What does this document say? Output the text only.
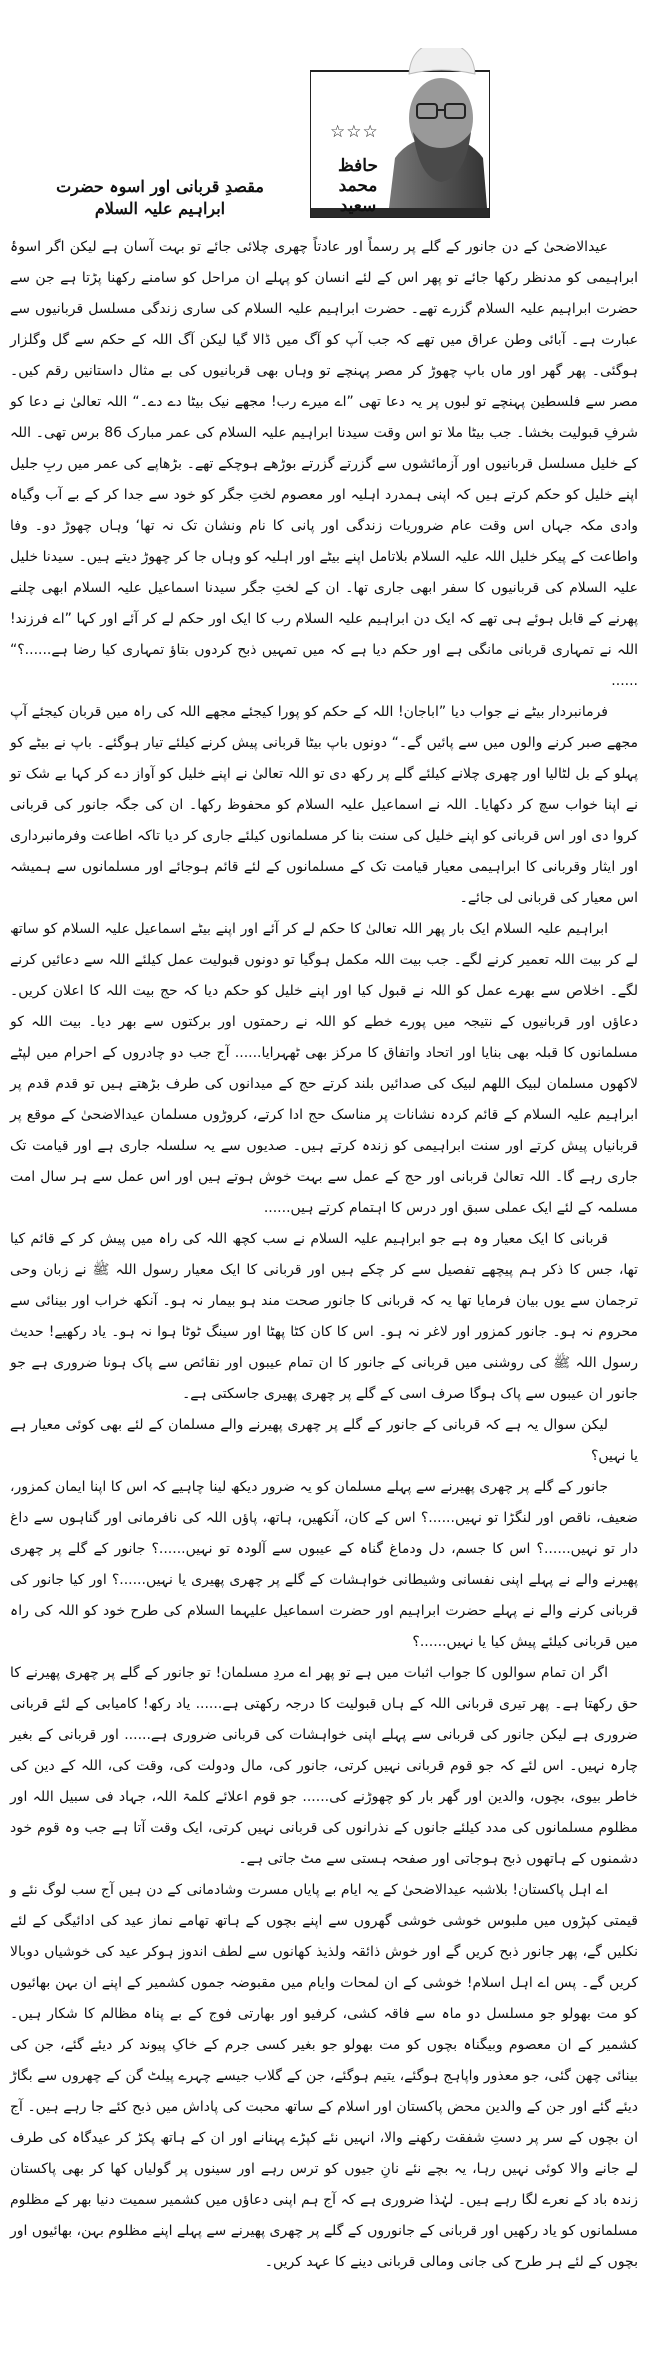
☆☆☆
حافظ محمد سعید
مقصدِ قربانی اور اسوہ حضرت ابراہیم علیہ السلام

عیدالاضحیٰ کے دن جانور کے گلے پر رسماً اور عادتاً چھری چلائی جائے تو بہت آسان ہے لیکن اگر اسوۂ ابراہیمی کو مدنظر رکھا جائے تو پھر اس کے لئے انسان کو پہلے ان مراحل کو سامنے رکھنا پڑتا ہے جن سے حضرت ابراہیم علیہ السلام گزرے تھے۔ حضرت ابراہیم علیہ السلام کی ساری زندگی مسلسل قربانیوں سے عبارت ہے۔ آبائی وطن عراق میں تھے کہ جب آپ کو آگ میں ڈالا گیا لیکن آگ اللہ کے حکم سے گل وگلزار ہوگئی۔ پھر گھر اور ماں باپ چھوڑ کر مصر پہنچے تو وہاں بھی قربانیوں کی بے مثال داستانیں رقم کیں۔ مصر سے فلسطین پہنچے تو لبوں پر یہ دعا تھی ”اے میرے رب! مجھے نیک بیٹا دے دے۔“ اللہ تعالیٰ نے دعا کو شرفِ قبولیت بخشا۔ جب بیٹا ملا تو اس وقت سیدنا ابراہیم علیہ السلام کی عمر مبارک 86 برس تھی۔ اللہ کے خلیل مسلسل قربانیوں اور آزمائشوں سے گزرتے گزرتے بوڑھے ہوچکے تھے۔ بڑھاپے کی عمر میں ربِ جلیل اپنے خلیل کو حکم کرتے ہیں کہ اپنی ہمدرد اہلیہ اور معصوم لختِ جگر کو خود سے جدا کر کے بے آب وگیاہ وادی مکہ جہاں اس وقت عام ضروریات زندگی اور پانی کا نام ونشان تک نہ تھا‘ وہاں چھوڑ دو۔ وفا واطاعت کے پیکر خلیل اللہ علیہ السلام بلاتامل اپنے بیٹے اور اہلیہ کو وہاں جا کر چھوڑ دیتے ہیں۔ سیدنا خلیل علیہ السلام کی قربانیوں کا سفر ابھی جاری تھا۔ ان کے لختِ جگر سیدنا اسماعیل علیہ السلام ابھی چلنے پھرنے کے قابل ہوئے ہی تھے کہ ایک دن ابراہیم علیہ السلام رب کا ایک اور حکم لے کر آئے اور کہا ”اے فرزند! اللہ نے تمہاری قربانی مانگی ہے اور حکم دیا ہے کہ میں تمہیں ذبح کردوں بتاؤ تمہاری کیا رضا ہے......؟“ ......

فرمانبردار بیٹے نے جواب دیا ”اباجان! اللہ کے حکم کو پورا کیجئے مجھے اللہ کی راہ میں قربان کیجئے آپ مجھے صبر کرنے والوں میں سے پائیں گے۔“ دونوں باپ بیٹا قربانی پیش کرنے کیلئے تیار ہوگئے۔ باپ نے بیٹے کو پہلو کے بل لٹالیا اور چھری چلانے کیلئے گلے پر رکھ دی تو اللہ تعالیٰ نے اپنے خلیل کو آواز دے کر کہا بے شک تو نے اپنا خواب سچ کر دکھایا۔ اللہ نے اسماعیل علیہ السلام کو محفوظ رکھا۔ ان کی جگہ جانور کی قربانی کروا دی اور اس قربانی کو اپنے خلیل کی سنت بنا کر مسلمانوں کیلئے جاری کر دیا تاکہ اطاعت وفرمانبرداری اور ایثار وقربانی کا ابراہیمی معیار قیامت تک کے مسلمانوں کے لئے قائم ہوجائے اور مسلمانوں سے ہمیشہ اس معیار کی قربانی لی جائے۔

ابراہیم علیہ السلام ایک بار پھر اللہ تعالیٰ کا حکم لے کر آئے اور اپنے بیٹے اسماعیل علیہ السلام کو ساتھ لے کر بیت اللہ تعمیر کرنے لگے۔ جب بیت اللہ مکمل ہوگیا تو دونوں قبولیت عمل کیلئے اللہ سے دعائیں کرنے لگے۔ اخلاص سے بھرے عمل کو اللہ نے قبول کیا اور اپنے خلیل کو حکم دیا کہ حج بیت اللہ کا اعلان کریں۔ دعاؤں اور قربانیوں کے نتیجہ میں پورے خطے کو اللہ نے رحمتوں اور برکتوں سے بھر دیا۔ بیت اللہ کو مسلمانوں کا قبلہ بھی بنایا اور اتحاد واتفاق کا مرکز بھی ٹھہرایا...... آج جب دو چادروں کے احرام میں لپٹے لاکھوں مسلمان لبیک اللھم لبیک کی صدائیں بلند کرتے حج کے میدانوں کی طرف بڑھتے ہیں تو قدم قدم پر ابراہیم علیہ السلام کے قائم کردہ نشانات پر مناسک حج ادا کرتے، کروڑوں مسلمان عیدالاضحیٰ کے موقع پر قربانیاں پیش کرتے اور سنت ابراہیمی کو زندہ کرتے ہیں۔ صدیوں سے یہ سلسلہ جاری ہے اور قیامت تک جاری رہے گا۔ اللہ تعالیٰ قربانی اور حج کے عمل سے بہت خوش ہوتے ہیں اور اس عمل سے ہر سال امت مسلمہ کے لئے ایک عملی سبق اور درس کا اہتمام کرتے ہیں......

قربانی کا ایک معیار وہ ہے جو ابراہیم علیہ السلام نے سب کچھ اللہ کی راہ میں پیش کر کے قائم کیا تھا، جس کا ذکر ہم پیچھے تفصیل سے کر چکے ہیں اور قربانی کا ایک معیار رسول اللہ ﷺ نے زبان وحی ترجمان سے یوں بیان فرمایا تھا یہ کہ قربانی کا جانور صحت مند ہو بیمار نہ ہو۔ آنکھ خراب اور بینائی سے محروم نہ ہو۔ جانور کمزور اور لاغر نہ ہو۔ اس کا کان کٹا پھٹا اور سینگ ٹوٹا ہوا نہ ہو۔ یاد رکھیے! حدیث رسول اللہ ﷺ کی روشنی میں قربانی کے جانور کا ان تمام عیبوں اور نقائص سے پاک ہونا ضروری ہے جو جانور ان عیبوں سے پاک ہوگا صرف اسی کے گلے پر چھری پھیری جاسکتی ہے۔

لیکن سوال یہ ہے کہ قربانی کے جانور کے گلے پر چھری پھیرنے والے مسلمان کے لئے بھی کوئی معیار ہے یا نہیں؟

جانور کے گلے پر چھری پھیرنے سے پہلے مسلمان کو یہ ضرور دیکھ لینا چاہیے کہ اس کا اپنا ایمان کمزور، ضعیف، ناقص اور لنگڑا تو نہیں......؟ اس کے کان، آنکھیں، ہاتھ، پاؤں اللہ کی نافرمانی اور گناہوں سے داغ دار تو نہیں......؟ اس کا جسم، دل ودماغ گناہ کے عیبوں سے آلودہ تو نہیں......؟ جانور کے گلے پر چھری پھیرنے والے نے پہلے اپنی نفسانی وشیطانی خواہشات کے گلے پر چھری پھیری یا نہیں......؟ اور کیا جانور کی قربانی کرنے والے نے پہلے حضرت ابراہیم اور حضرت اسماعیل علیہما السلام کی طرح خود کو اللہ کی راہ میں قربانی کیلئے پیش کیا یا نہیں......؟

اگر ان تمام سوالوں کا جواب اثبات میں ہے تو پھر اے مردِ مسلمان! تو جانور کے گلے پر چھری پھیرنے کا حق رکھتا ہے۔ پھر تیری قربانی اللہ کے ہاں قبولیت کا درجہ رکھتی ہے...... یاد رکھ! کامیابی کے لئے قربانی ضروری ہے لیکن جانور کی قربانی سے پہلے اپنی خواہشات کی قربانی ضروری ہے...... اور قربانی کے بغیر چارہ نہیں۔ اس لئے کہ جو قوم قربانی نہیں کرتی، جانور کی، مال ودولت کی، وقت کی، اللہ کے دین کی خاطر بیوی، بچوں، والدین اور گھر بار کو چھوڑنے کی...... جو قوم اعلائے کلمۃ اللہ، جہاد فی سبیل اللہ اور مظلوم مسلمانوں کی مدد کیلئے جانوں کے نذرانوں کی قربانی نہیں کرتی، ایک وقت آتا ہے جب وہ قوم خود دشمنوں کے ہاتھوں ذبح ہوجاتی اور صفحہ ہستی سے مٹ جاتی ہے۔

اے اہل پاکستان! بلاشبہ عیدالاضحیٰ کے یہ ایام بے پایاں مسرت وشادمانی کے دن ہیں آج سب لوگ نئے و قیمتی کپڑوں میں ملبوس خوشی خوشی گھروں سے اپنے بچوں کے ہاتھ تھامے نماز عید کی ادائیگی کے لئے نکلیں گے، پھر جانور ذبح کریں گے اور خوش ذائقہ ولذیذ کھانوں سے لطف اندوز ہوکر عید کی خوشیاں دوبالا کریں گے۔ پس اے اہل اسلام! خوشی کے ان لمحات وایام میں مقبوضہ جموں کشمیر کے اپنے ان بہن بھائیوں کو مت بھولو جو مسلسل دو ماہ سے فاقہ کشی، کرفیو اور بھارتی فوج کے بے پناہ مظالم کا شکار ہیں۔ کشمیر کے ان معصوم وبیگناہ بچوں کو مت بھولو جو بغیر کسی جرم کے خاکِ پیوند کر دیئے گئے، جن کی بینائی چھن گئی، جو معذور واپاہج ہوگئے، یتیم ہوگئے، جن کے گلاب جیسے چہرے پیلٹ گن کے چھروں سے بگاڑ دیئے گئے اور جن کے والدین محض پاکستان اور اسلام کے ساتھ محبت کی پاداش میں ذبح کئے جا رہے ہیں۔ آج ان بچوں کے سر پر دستِ شفقت رکھنے والا، انہیں نئے کپڑے پہنانے اور ان کے ہاتھ پکڑ کر عیدگاہ کی طرف لے جانے والا کوئی نہیں رہا، یہ بچے نئے نانِ جیوں کو ترس رہے اور سینوں پر گولیاں کھا کر بھی پاکستان زندہ باد کے نعرے لگا رہے ہیں۔ لہٰذا ضروری ہے کہ آج ہم اپنی دعاؤں میں کشمیر سمیت دنیا بھر کے مظلوم مسلمانوں کو یاد رکھیں اور قربانی کے جانوروں کے گلے پر چھری پھیرنے سے پہلے اپنے مظلوم بہن، بھائیوں اور بچوں کے لئے ہر طرح کی جانی ومالی قربانی دینے کا عہد کریں۔
